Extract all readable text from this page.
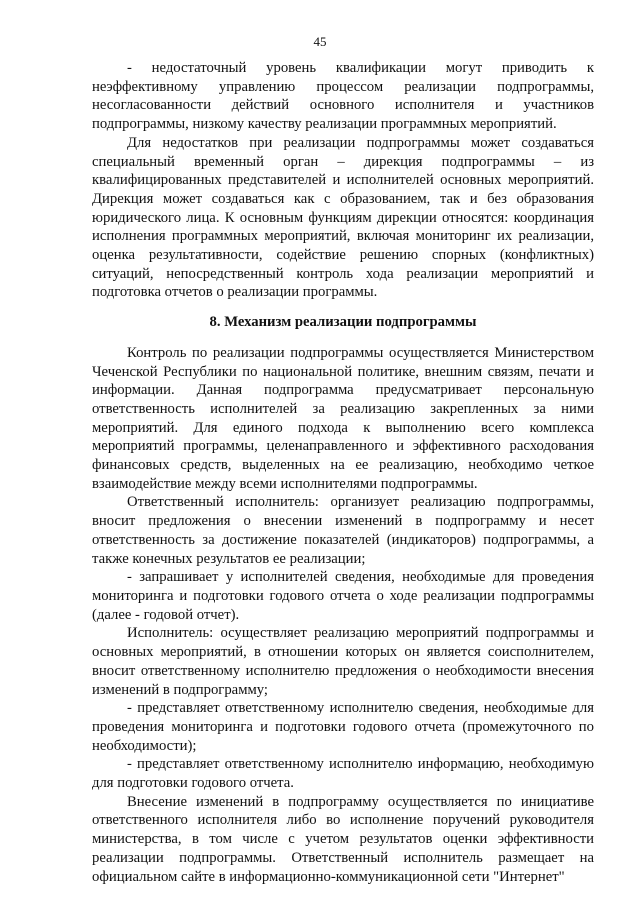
45

- недостаточный уровень квалификации могут приводить к неэффективному управлению процессом реализации подпрограммы, несогласованности действий основного исполнителя и участников подпрограммы, низкому качеству реализации программных мероприятий.

Для недостатков при реализации подпрограммы может создаваться специальный временный орган – дирекция подпрограммы – из квалифицированных представителей и исполнителей основных мероприятий. Дирекция может создаваться как с образованием, так и без образования юридического лица. К основным функциям дирекции относятся: координация исполнения программных мероприятий, включая мониторинг их реализации, оценка результативности, содействие решению спорных (конфликтных) ситуаций, непосредственный контроль хода реализации мероприятий и подготовка отчетов о реализации программы.

8. Механизм реализации подпрограммы

Контроль по реализации подпрограммы осуществляется Министерством Чеченской Республики по национальной политике, внешним связям, печати и информации. Данная подпрограмма предусматривает персональную ответственность исполнителей за реализацию закрепленных за ними мероприятий. Для единого подхода к выполнению всего комплекса мероприятий программы, целенаправленного и эффективного расходования финансовых средств, выделенных на ее реализацию, необходимо четкое взаимодействие между всеми исполнителями подпрограммы.

Ответственный исполнитель: организует реализацию подпрограммы, вносит предложения о внесении изменений в подпрограмму и несет ответственность за достижение показателей (индикаторов) подпрограммы, а также конечных результатов ее реализации;

- запрашивает у исполнителей сведения, необходимые для проведения мониторинга и подготовки годового отчета о ходе реализации подпрограммы (далее - годовой отчет).

Исполнитель: осуществляет реализацию мероприятий подпрограммы и основных мероприятий, в отношении которых он является соисполнителем, вносит ответственному исполнителю предложения о необходимости внесения изменений в подпрограмму;

- представляет ответственному исполнителю сведения, необходимые для проведения мониторинга и подготовки годового отчета (промежуточного по необходимости);

- представляет ответственному исполнителю информацию, необходимую для подготовки годового отчета.

Внесение изменений в подпрограмму осуществляется по инициативе ответственного исполнителя либо во исполнение поручений руководителя министерства, в том числе с учетом результатов оценки эффективности реализации подпрограммы. Ответственный исполнитель размещает на официальном сайте в информационно-коммуникационной сети "Интернет"
